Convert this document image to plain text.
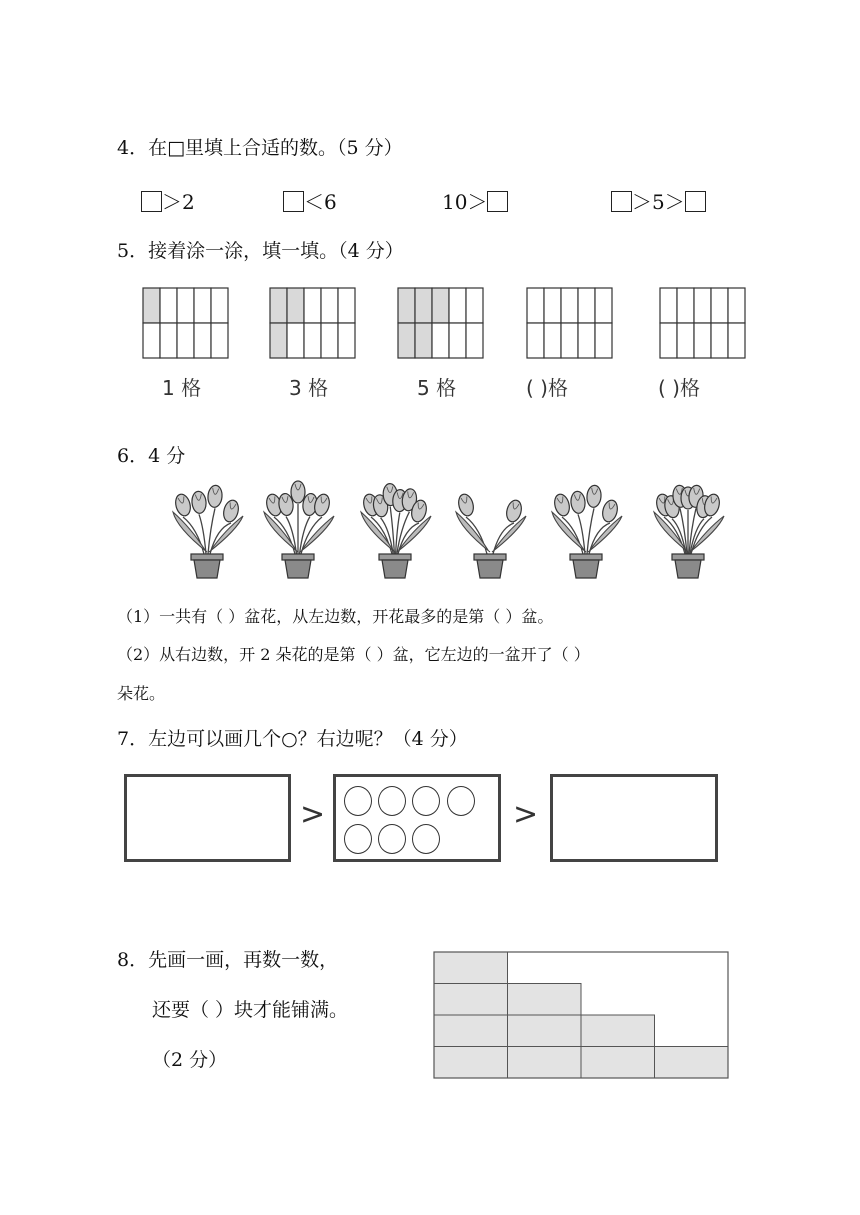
4．在□里填上合适的数。（5 分）
＞2	＜6	10＞	＞5＞
5．接着涂一涂，填一填。（4 分）
1 格	3 格	5 格	( )格	( )格
6．4 分
（1）一共有（ ）盆花，从左边数，开花最多的是第（ ）盆。
（2）从右边数，开 2 朵花的是第（ ）盆，它左边的一盆开了（ ）
朵花。
7．左边可以画几个○？右边呢？（4 分）
>	>
8．先画一画，再数一数，
还要（ ）块才能铺满。
（2 分）
